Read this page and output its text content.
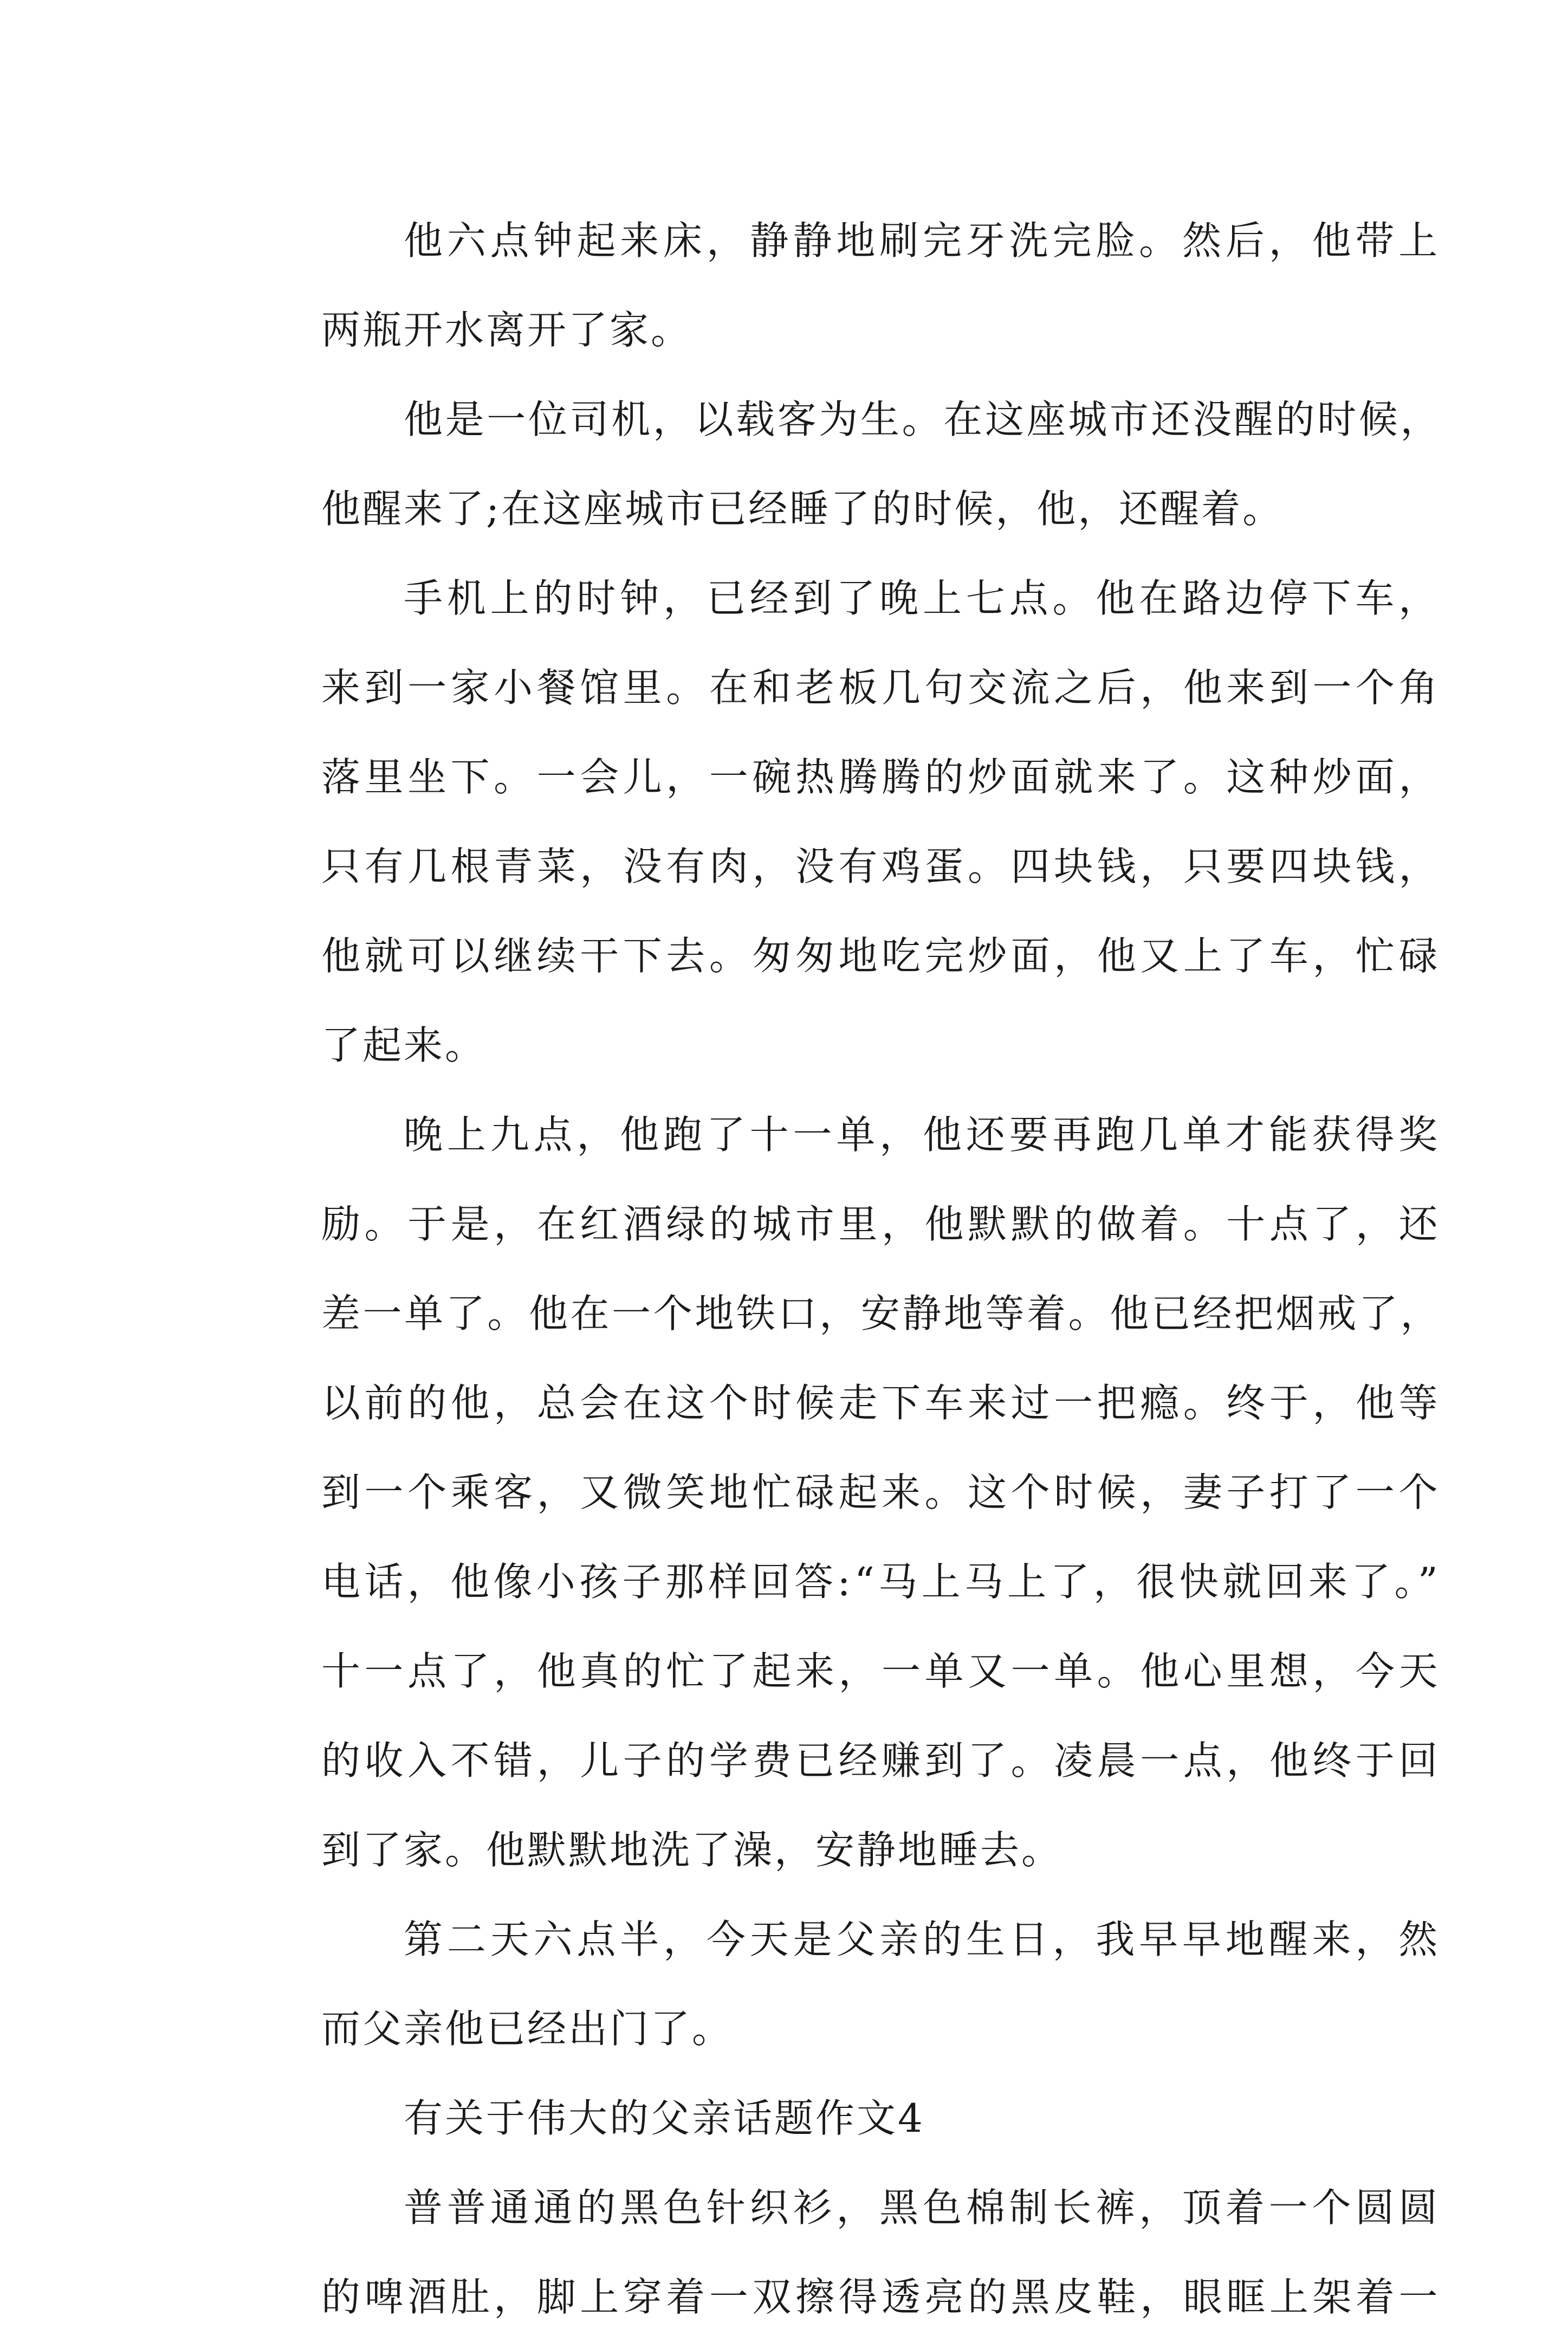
他六点钟起来床，静静地刷完牙洗完脸。然后，他带上
两瓶开水离开了家。

他是一位司机，以载客为生。在这座城市还没醒的时候，
他醒来了;在这座城市已经睡了的时候，他，还醒着。

手机上的时钟，已经到了晚上七点。他在路边停下车，
来到一家小餐馆里。在和老板几句交流之后，他来到一个角
落里坐下。一会儿，一碗热腾腾的炒面就来了。这种炒面，
只有几根青菜，没有肉，没有鸡蛋。四块钱，只要四块钱，
他就可以继续干下去。匆匆地吃完炒面，他又上了车，忙碌
了起来。

晚上九点，他跑了十一单，他还要再跑几单才能获得奖
励。于是，在红酒绿的城市里，他默默的做着。十点了，还
差一单了。他在一个地铁口，安静地等着。他已经把烟戒了，
以前的他，总会在这个时候走下车来过一把瘾。终于，他等
到一个乘客，又微笑地忙碌起来。这个时候，妻子打了一个
电话，他像小孩子那样回答:“马上马上了，很快就回来了。”
十一点了，他真的忙了起来，一单又一单。他心里想，今天
的收入不错，儿子的学费已经赚到了。凌晨一点，他终于回
到了家。他默默地洗了澡，安静地睡去。

第二天六点半，今天是父亲的生日，我早早地醒来，然
而父亲他已经出门了。

有关于伟大的父亲话题作文4

普普通通的黑色针织衫，黑色棉制长裤，顶着一个圆圆
的啤酒肚，脚上穿着一双擦得透亮的黑皮鞋，眼眶上架着一
